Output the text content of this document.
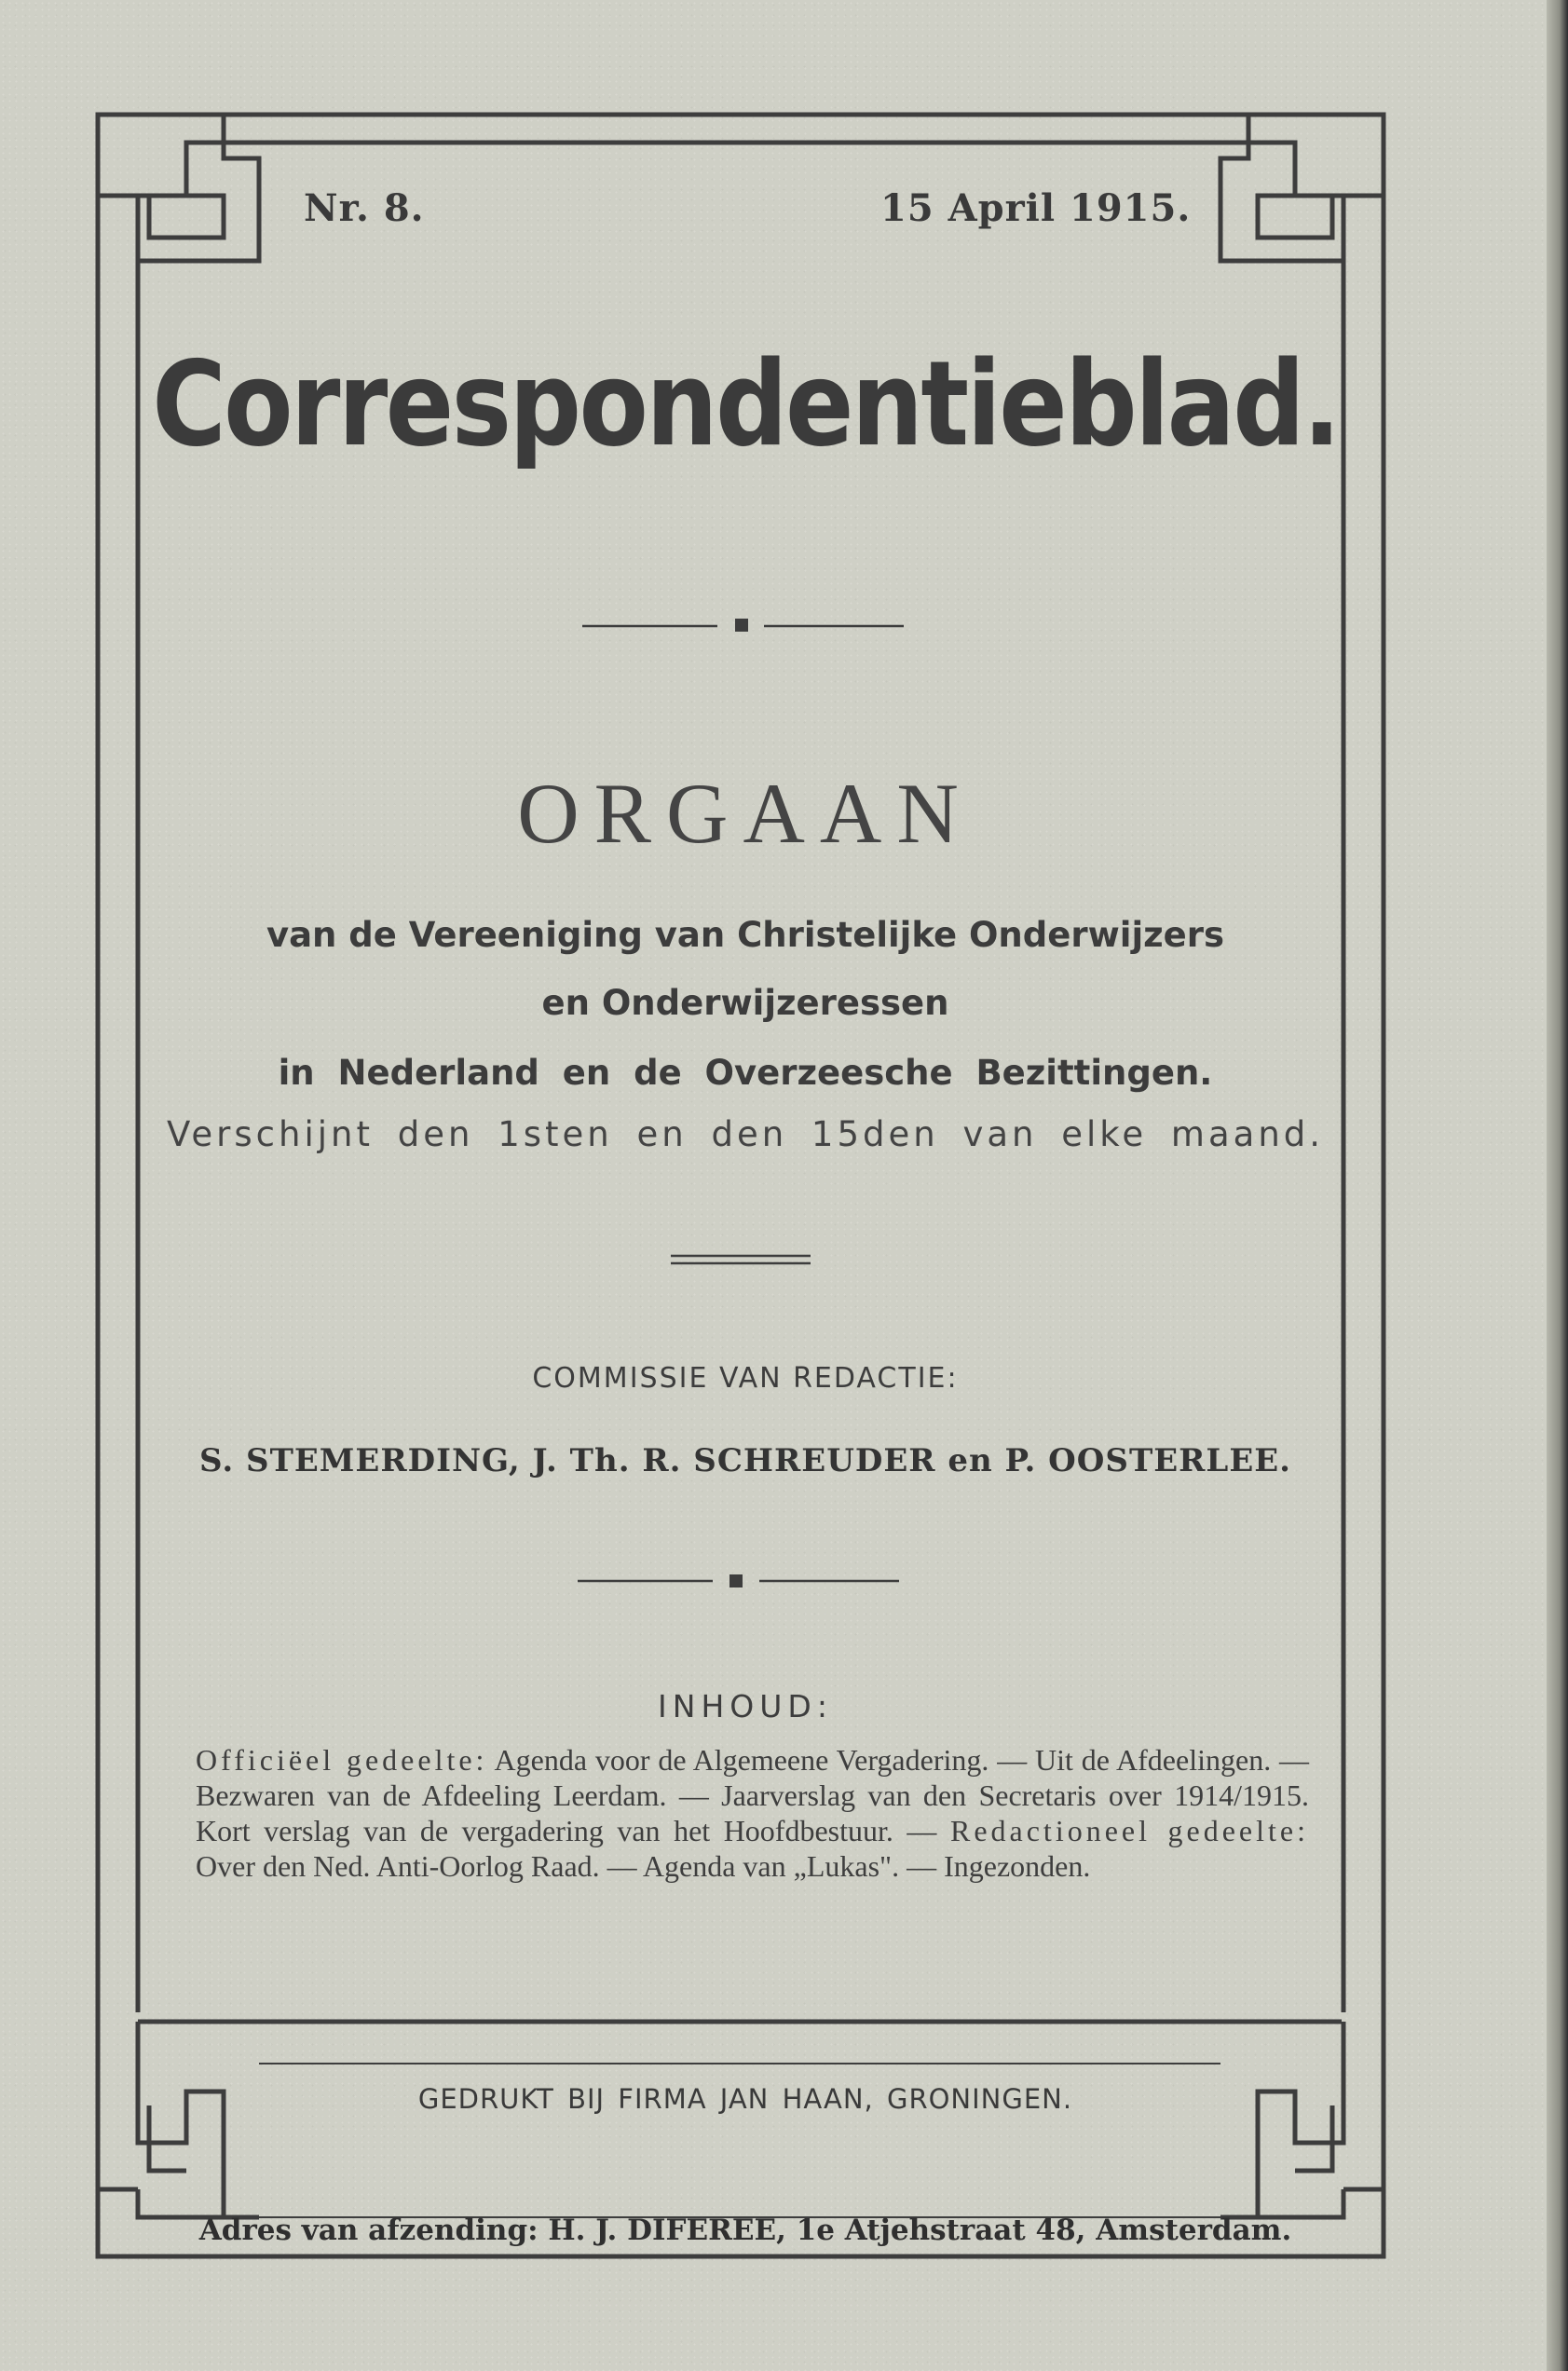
Nr. 8.	15 April 1915.
Correspondentieblad.
ORGAAN
van de Vereeniging van Christelijke Onderwijzers
en Onderwijzeressen
in Nederland en de Overzeesche Bezittingen.
Verschijnt den 1sten en den 15den van elke maand.
COMMISSIE VAN REDACTIE:
S. STEMERDING, J. Th. R. SCHREUDER en P. OOSTERLEE.
INHOUD:

Officiëel gedeelte: Agenda voor de Algemeene Vergadering. — Uit de Afdeelingen. — Bezwaren van de Afdeeling Leerdam. — Jaarverslag van den Secretaris over 1914/1915. Kort verslag van de vergadering van het Hoofdbestuur. — Redactioneel gedeelte: Over den Ned. Anti-Oorlog Raad. — Agenda van „Lukas". — Ingezonden.

GEDRUKT BIJ FIRMA JAN HAAN, GRONINGEN.
Adres van afzending: H. J. DIFEREE, 1e Atjehstraat 48, Amsterdam.
